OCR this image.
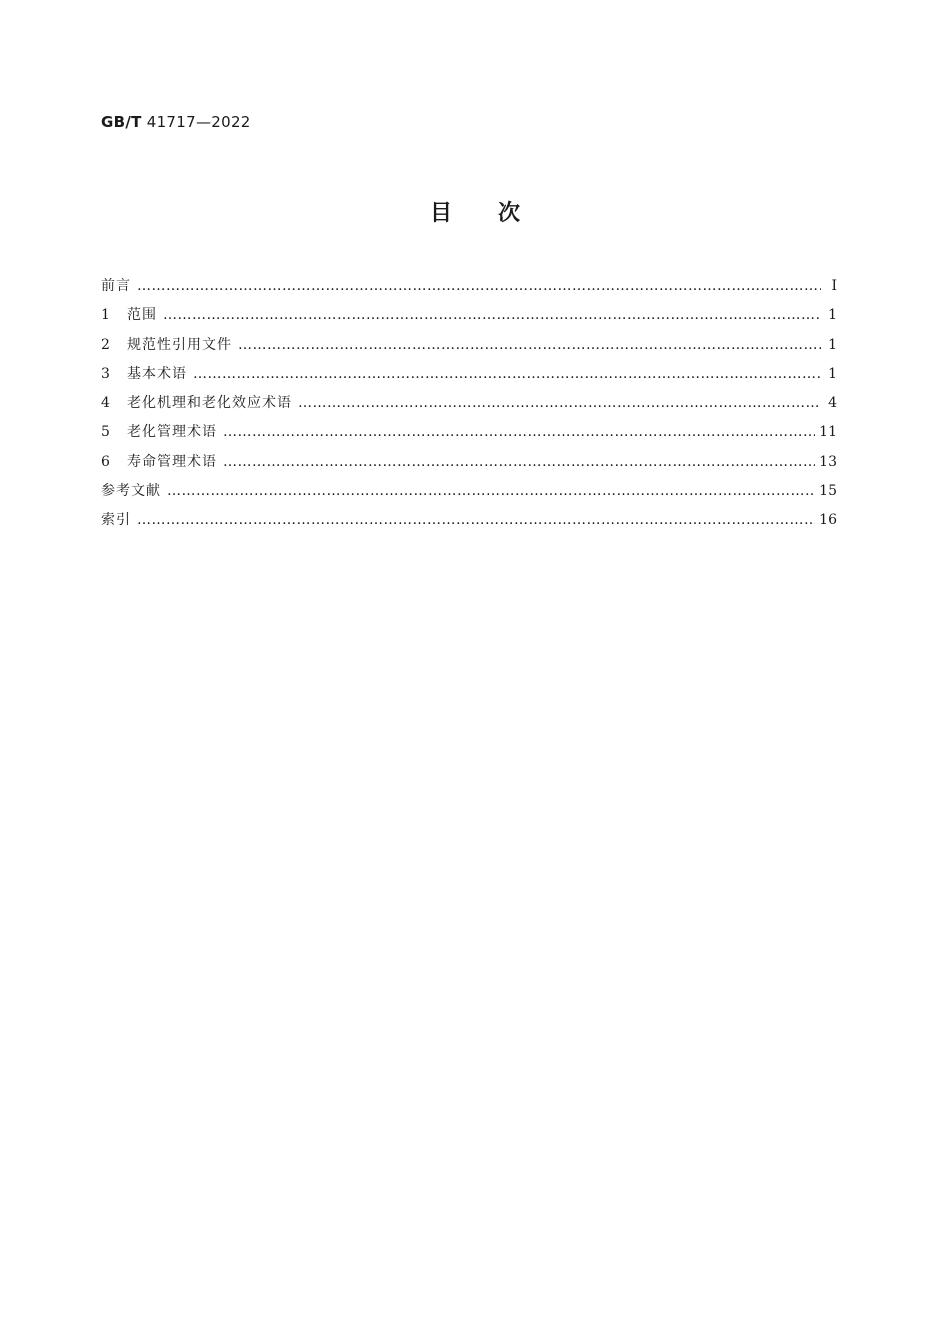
GB/T 41717—2022
目次
前言 ………………………………………………………………………………………………………………………………………………………………………………………………	Ⅰ
1	范围 ………………………………………………………………………………………………………………………………………………………………………………………………	1
2	规范性引用文件 ………………………………………………………………………………………………………………………………………………………………………………………………	1
3	基本术语 ………………………………………………………………………………………………………………………………………………………………………………………………	1
4	老化机理和老化效应术语 ………………………………………………………………………………………………………………………………………………………………………………………………	4
5	老化管理术语 ………………………………………………………………………………………………………………………………………………………………………………………………	11
6	寿命管理术语 ………………………………………………………………………………………………………………………………………………………………………………………………	13
参考文献 ………………………………………………………………………………………………………………………………………………………………………………………………	15
索引 ………………………………………………………………………………………………………………………………………………………………………………………………	16
